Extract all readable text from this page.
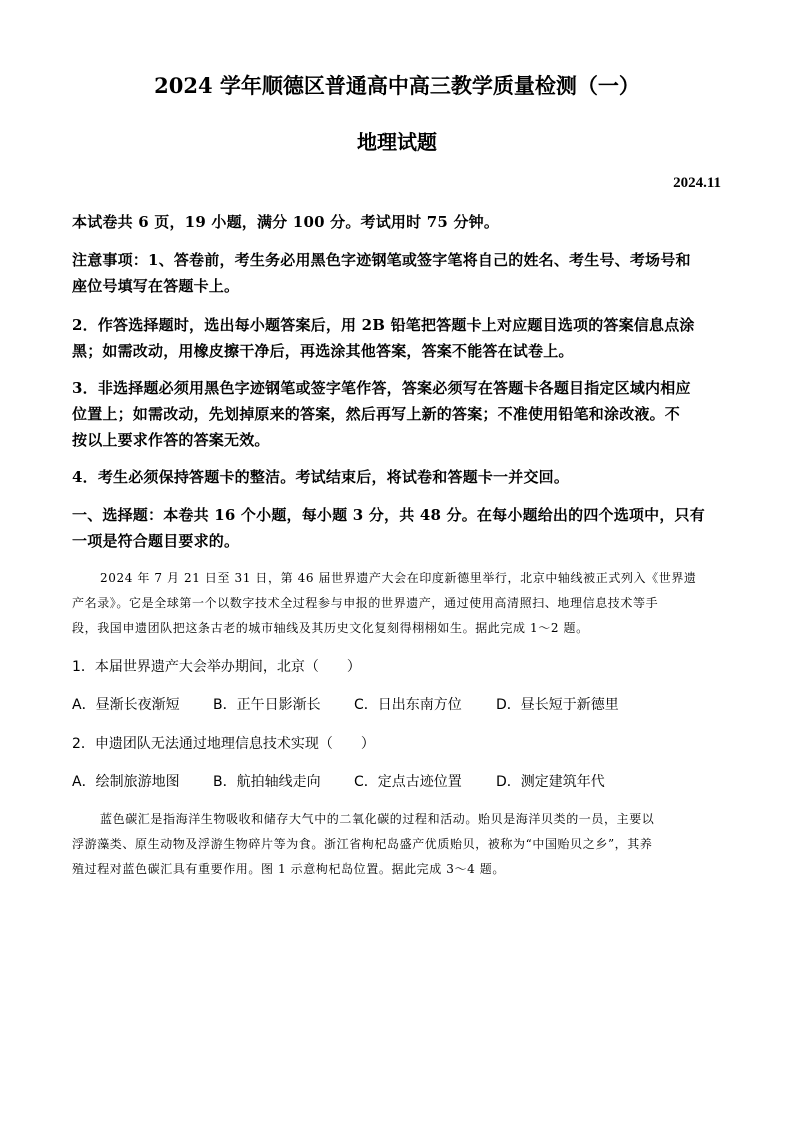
2024 学年顺德区普通高中高三教学质量检测（一）
地理试题
2024.11
本试卷共 6 页，19 小题，满分 100 分。考试用时 75 分钟。
注意事项：1、答卷前，考生务必用黑色字迹钢笔或签字笔将自己的姓名、考生号、考场号和
座位号填写在答题卡上。
2．作答选择题时，选出每小题答案后，用 2B 铅笔把答题卡上对应题目选项的答案信息点涂
黑；如需改动，用橡皮擦干净后，再选涂其他答案，答案不能答在试卷上。
3．非选择题必须用黑色字迹钢笔或签字笔作答，答案必须写在答题卡各题目指定区域内相应
位置上；如需改动，先划掉原来的答案，然后再写上新的答案；不准使用铅笔和涂改液。不
按以上要求作答的答案无效。
4．考生必须保持答题卡的整洁。考试结束后，将试卷和答题卡一并交回。
一、选择题：本卷共 16 个小题，每小题 3 分，共 48 分。在每小题给出的四个选项中，只有
一项是符合题目要求的。
2024 年 7 月 21 日至 31 日，第 46 届世界遗产大会在印度新德里举行，北京中轴线被正式列入《世界遗
产名录》。它是全球第一个以数字技术全过程参与申报的世界遗产，通过使用高清照扫、地理信息技术等手
段，我国申遗团队把这条古老的城市轴线及其历史文化复刻得栩栩如生。据此完成 1～2 题。
1．本届世界遗产大会举办期间，北京（　　）
A．昼渐长夜渐短 B．正午日影渐长 C．日出东南方位 D．昼长短于新德里
2．申遗团队无法通过地理信息技术实现（　　）
A．绘制旅游地图 B．航拍轴线走向 C．定点古迹位置 D．测定建筑年代
蓝色碳汇是指海洋生物吸收和储存大气中的二氧化碳的过程和活动。贻贝是海洋贝类的一员，主要以
浮游藻类、原生动物及浮游生物碎片等为食。浙江省枸杞岛盛产优质贻贝，被称为“中国贻贝之乡”，其养
殖过程对蓝色碳汇具有重要作用。图 1 示意枸杞岛位置。据此完成 3～4 题。
